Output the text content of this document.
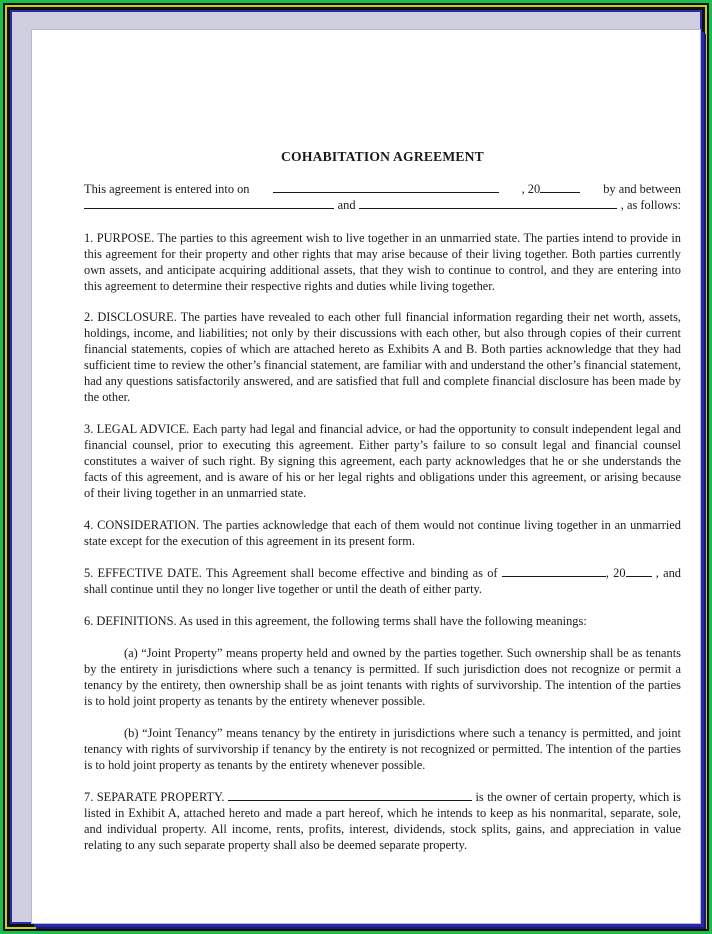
COHABITATION AGREEMENT
This agreement is entered into on	, 20	by and between
and	, as follows:

1. PURPOSE. The parties to this agreement wish to live together in an unmarried state. The parties intend to provide in this agreement for their property and other rights that may arise because of their living together. Both parties currently own assets, and anticipate acquiring additional assets, that they wish to continue to control, and they are entering into this agreement to determine their respective rights and duties while living together.

2. DISCLOSURE. The parties have revealed to each other full financial information regarding their net worth, assets, holdings, income, and liabilities; not only by their discussions with each other, but also through copies of their current financial statements, copies of which are attached hereto as Exhibits A and B. Both parties acknowledge that they had sufficient time to review the other’s financial statement, are familiar with and understand the other’s financial statement, had any questions satisfactorily answered, and are satisfied that full and complete financial disclosure has been made by the other.

3. LEGAL ADVICE. Each party had legal and financial advice, or had the opportunity to consult independent legal and financial counsel, prior to executing this agreement. Either party’s failure to so consult legal and financial counsel constitutes a waiver of such right. By signing this agreement, each party acknowledges that he or she understands the facts of this agreement, and is aware of his or her legal rights and obligations under this agreement, or arising because of their living together in an unmarried state.

4. CONSIDERATION. The parties acknowledge that each of them would not continue living together in an unmarried state except for the execution of this agreement in its present form.

5. EFFECTIVE DATE. This Agreement shall become effective and binding as of	, 20 , and shall continue until they no longer live together or until the death of either party.

6. DEFINITIONS. As used in this agreement, the following terms shall have the following meanings:

(a) “Joint Property” means property held and owned by the parties together. Such ownership shall be as tenants by the entirety in jurisdictions where such a tenancy is permitted. If such jurisdiction does not recognize or permit a tenancy by the entirety, then ownership shall be as joint tenants with rights of survivorship. The intention of the parties is to hold joint property as tenants by the entirety whenever possible.

(b) “Joint Tenancy” means tenancy by the entirety in jurisdictions where such a tenancy is permitted, and joint tenancy with rights of survivorship if tenancy by the entirety is not recognized or permitted. The intention of the parties is to hold joint property as tenants by the entirety whenever possible.

7. SEPARATE PROPERTY.	is the owner of certain property, which is listed in Exhibit A, attached hereto and made a part hereof, which he intends to keep as his nonmarital, separate, sole, and individual property. All income, rents, profits, interest, dividends, stock splits, gains, and appreciation in value relating to any such separate property shall also be deemed separate property.
